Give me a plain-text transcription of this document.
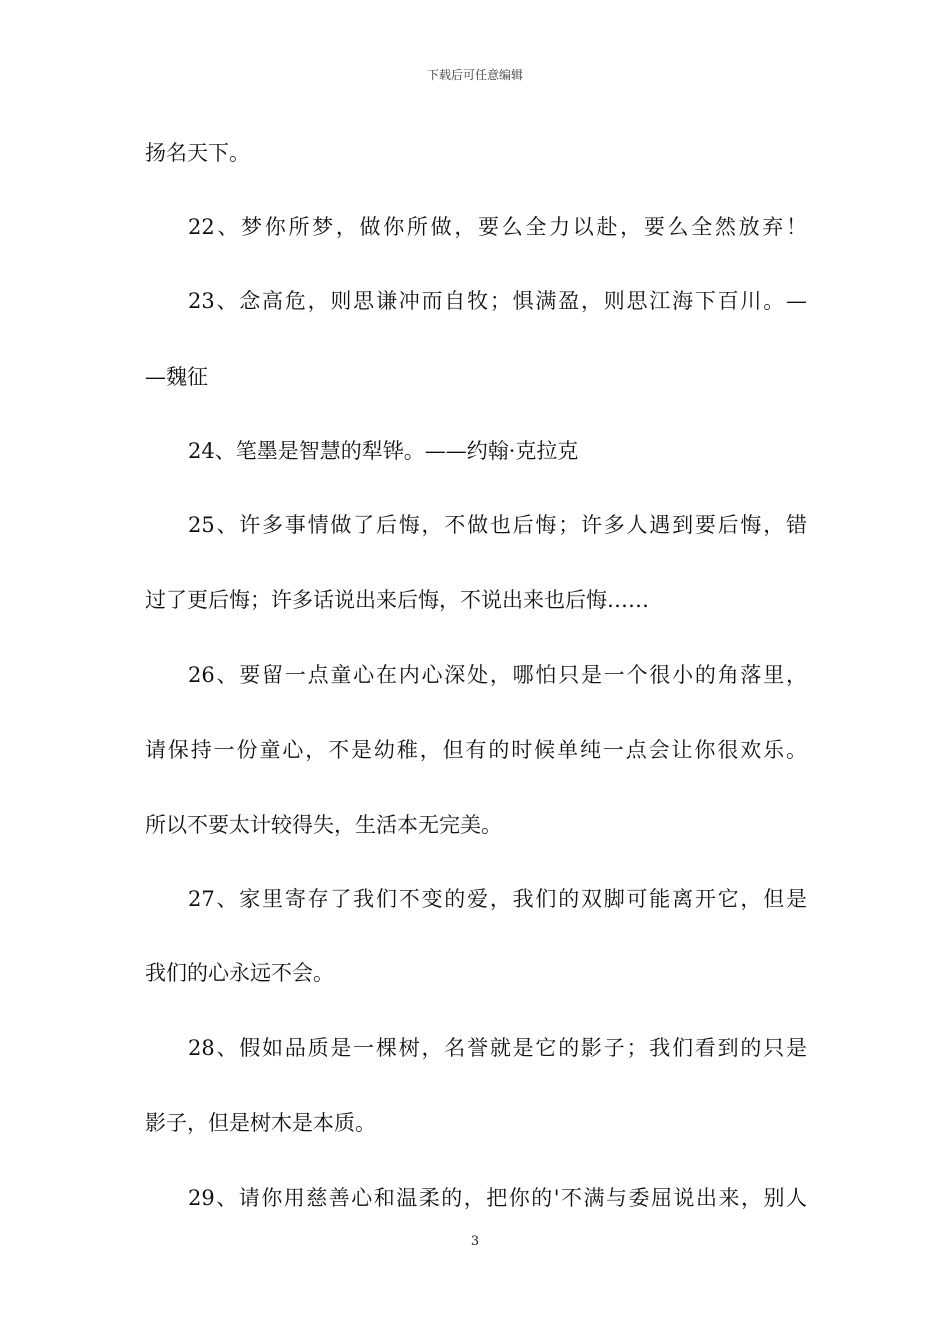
下载后可任意编辑
扬名天下。
22、梦你所梦，做你所做，要么全力以赴，要么全然放弃！
23、念高危，则思谦冲而自牧；惧满盈，则思江海下百川。—
—魏征
24、笔墨是智慧的犁铧。——约翰·克拉克
25、许多事情做了后悔，不做也后悔；许多人遇到要后悔，错
过了更后悔；许多话说出来后悔，不说出来也后悔……
26、要留一点童心在内心深处，哪怕只是一个很小的角落里，
请保持一份童心，不是幼稚，但有的时候单纯一点会让你很欢乐。
所以不要太计较得失，生活本无完美。
27、家里寄存了我们不变的爱，我们的双脚可能离开它，但是
我们的心永远不会。
28、假如品质是一棵树，名誉就是它的影子；我们看到的只是
影子，但是树木是本质。
29、请你用慈善心和温柔的，把你的'不满与委屈说出来，别人
3
